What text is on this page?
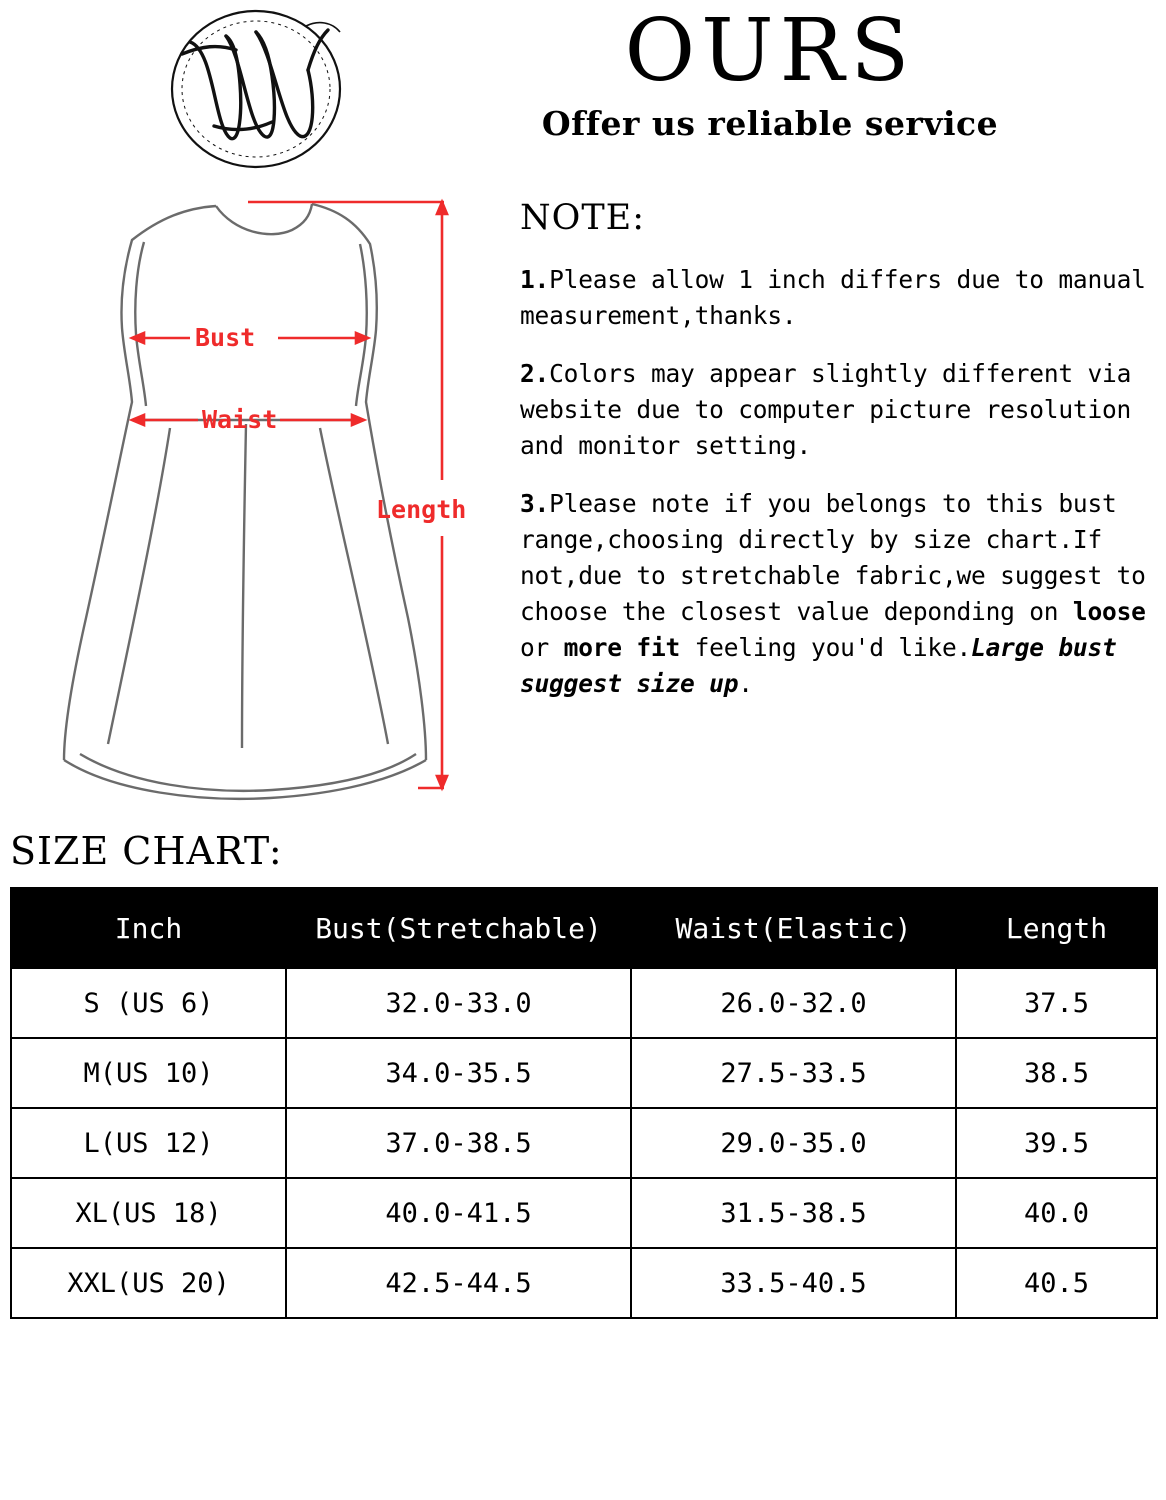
OURS
Offer us reliable service
Bust
Waist
Length
NOTE:
1.Please allow 1 inch differs due to manual measurement,thanks.
2.Colors may appear slightly different via website due to computer picture resolution and monitor setting.
3.Please note if you belongs to this bust range,choosing directly by size chart.If not,due to stretchable fabric,we suggest to choose the closest value deponding on loose or more fit feeling you'd like.Large bust suggest size up.
SIZE CHART:
Inch	Bust(Stretchable)	Waist(Elastic)	Length
S (US 6)	32.0-33.0	26.0-32.0	37.5
M(US 10)	34.0-35.5	27.5-33.5	38.5
L(US 12)	37.0-38.5	29.0-35.0	39.5
XL(US 18)	40.0-41.5	31.5-38.5	40.0
XXL(US 20)	42.5-44.5	33.5-40.5	40.5
